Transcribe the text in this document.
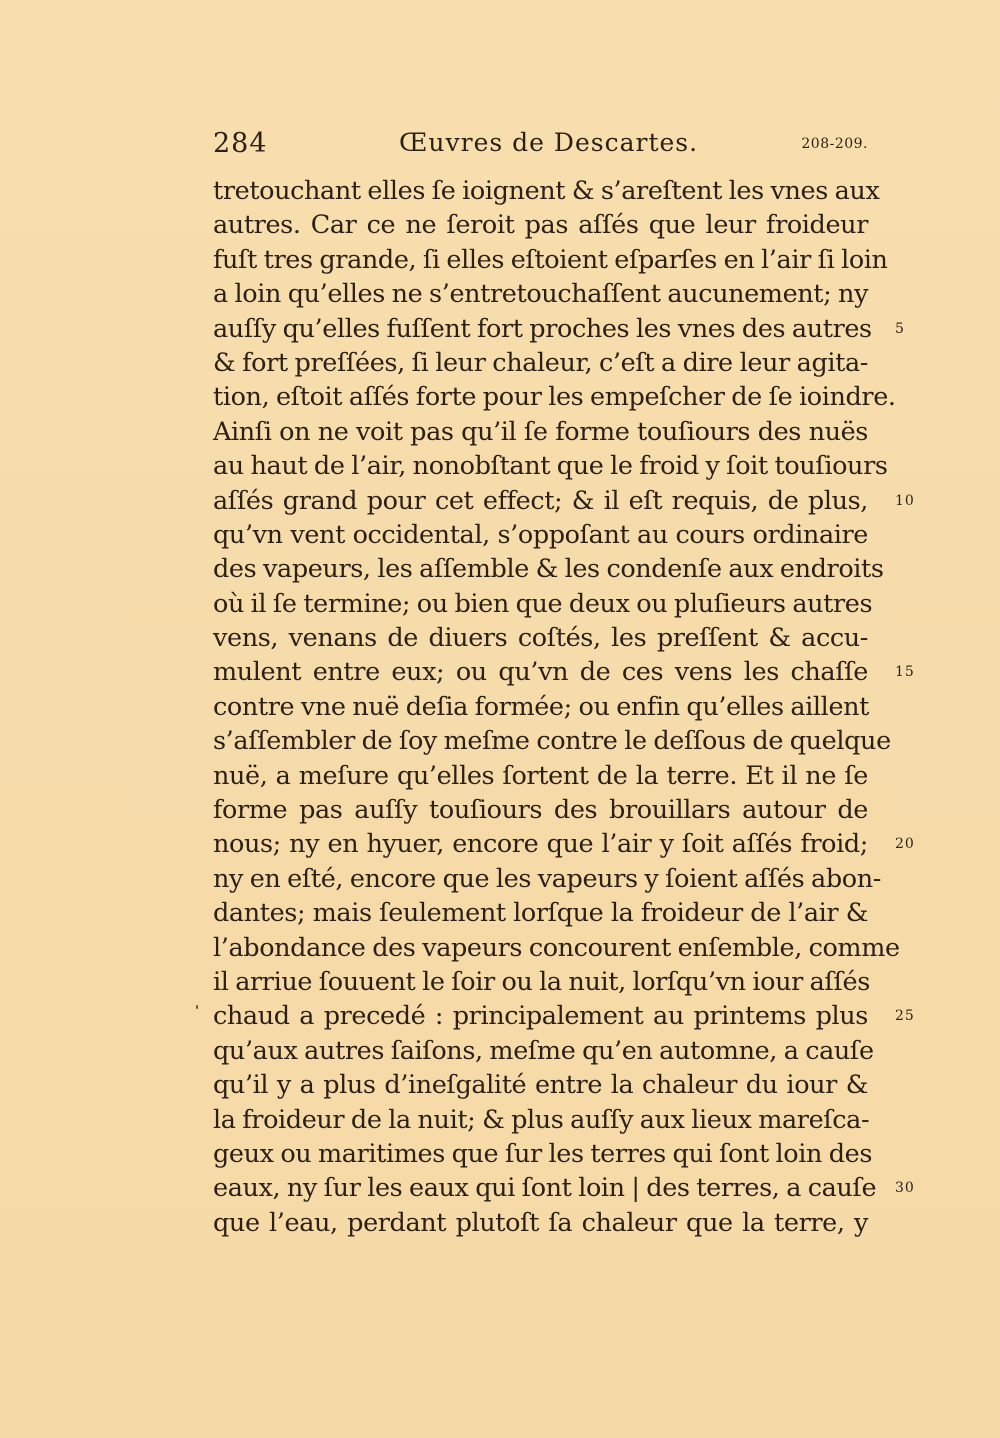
284	Œuvres de Descartes.	208-209.
tretouchant elles ſe ioignent & s’areſtent les vnes aux
autres. Car ce ne ſeroit pas aſſés que leur froideur
fuſt tres grande, ſi elles eſtoient eſparſes en l’air ſi loin
a loin qu’elles ne s’entretouchaſſent aucunement; ny
auſſy qu’elles fuſſent fort proches les vnes des autres 5
& fort preſſées, ſi leur chaleur, c’eſt a dire leur agita-
tion, eſtoit aſſés forte pour les empeſcher de ſe ioindre.
Ainſi on ne voit pas qu’il ſe forme touſiours des nuës
au haut de l’air, nonobſtant que le froid y ſoit touſiours
aſſés grand pour cet effect; & il eſt requis, de plus, 10
qu’vn vent occidental, s’oppoſant au cours ordinaire
des vapeurs, les aſſemble & les condenſe aux endroits
où il ſe termine; ou bien que deux ou pluſieurs autres
vens, venans de diuers coſtés, les preſſent & accu-
mulent entre eux; ou qu’vn de ces vens les chaſſe 15
contre vne nuë deſia formée; ou enfin qu’elles aillent
s’aſſembler de ſoy meſme contre le deſſous de quelque
nuë, a meſure qu’elles ſortent de la terre. Et il ne ſe
forme pas auſſy touſiours des brouillars autour de
nous; ny en hyuer, encore que l’air y ſoit aſſés froid; 20
ny en eſté, encore que les vapeurs y ſoient aſſés abon-
dantes; mais ſeulement lorſque la froideur de l’air &
l’abondance des vapeurs concourent enſemble, comme
il arriue ſouuent le ſoir ou la nuit, lorſqu’vn iour aſſés
chaud a precedé : principalement au printems plus 25
qu’aux autres ſaiſons, meſme qu’en automne, a cauſe
qu’il y a plus d’ineſgalité entre la chaleur du iour &
la froideur de la nuit; & plus auſſy aux lieux mareſca-
geux ou maritimes que ſur les terres qui ſont loin des
eaux, ny ſur les eaux qui ſont loin | des terres, a cauſe 30
que l’eau, perdant plutoſt ſa chaleur que la terre, y
